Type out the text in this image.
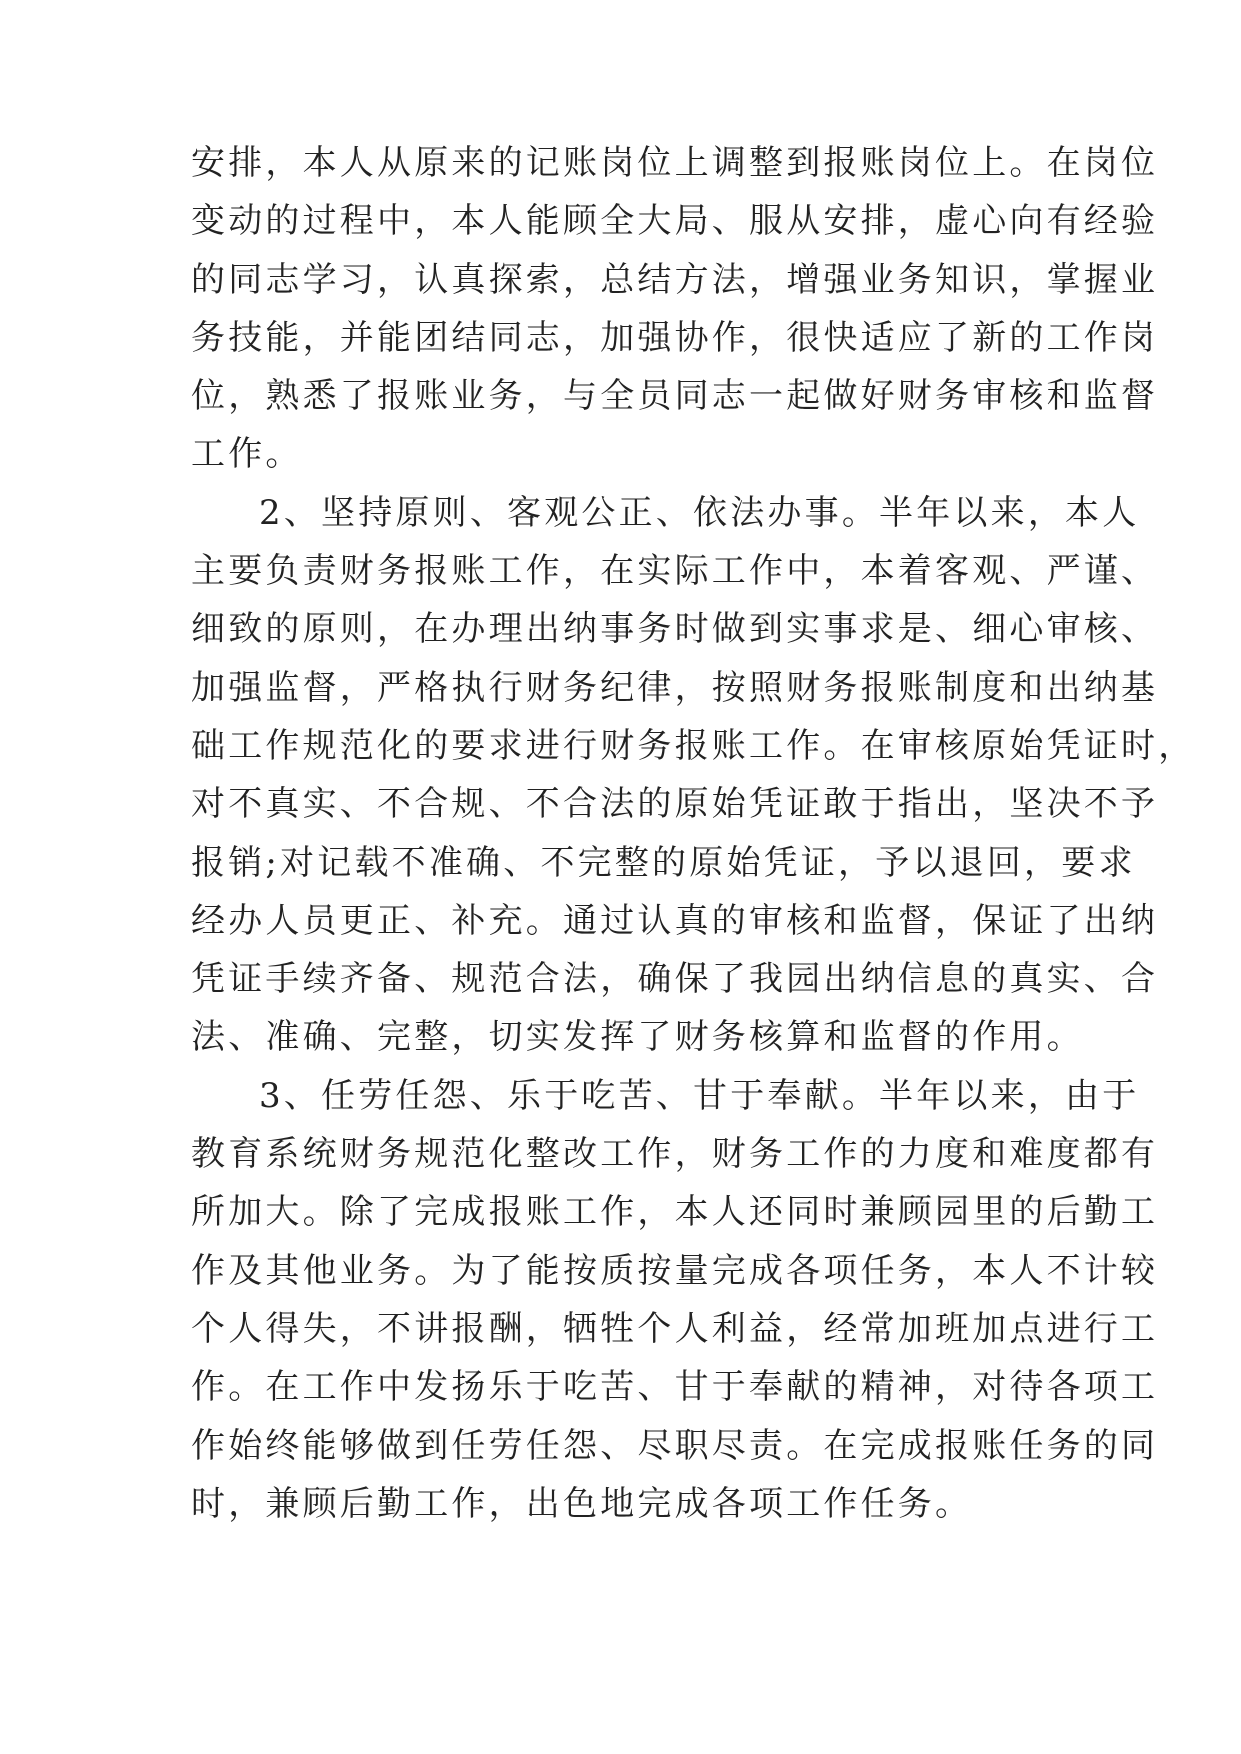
安排，本人从原来的记账岗位上调整到报账岗位上。在岗位
变动的过程中，本人能顾全大局、服从安排，虚心向有经验
的同志学习，认真探索，总结方法，增强业务知识，掌握业
务技能，并能团结同志，加强协作，很快适应了新的工作岗
位，熟悉了报账业务，与全员同志一起做好财务审核和监督
工作。
2、坚持原则、客观公正、依法办事。半年以来，本人
主要负责财务报账工作，在实际工作中，本着客观、严谨、
细致的原则，在办理出纳事务时做到实事求是、细心审核、
加强监督，严格执行财务纪律，按照财务报账制度和出纳基
础工作规范化的要求进行财务报账工作。在审核原始凭证时，
对不真实、不合规、不合法的原始凭证敢于指出，坚决不予
报销;对记载不准确、不完整的原始凭证，予以退回，要求
经办人员更正、补充。通过认真的审核和监督，保证了出纳
凭证手续齐备、规范合法，确保了我园出纳信息的真实、合
法、准确、完整，切实发挥了财务核算和监督的作用。
3、任劳任怨、乐于吃苦、甘于奉献。半年以来，由于
教育系统财务规范化整改工作，财务工作的力度和难度都有
所加大。除了完成报账工作，本人还同时兼顾园里的后勤工
作及其他业务。为了能按质按量完成各项任务，本人不计较
个人得失，不讲报酬，牺牲个人利益，经常加班加点进行工
作。在工作中发扬乐于吃苦、甘于奉献的精神，对待各项工
作始终能够做到任劳任怨、尽职尽责。在完成报账任务的同
时，兼顾后勤工作，出色地完成各项工作任务。
